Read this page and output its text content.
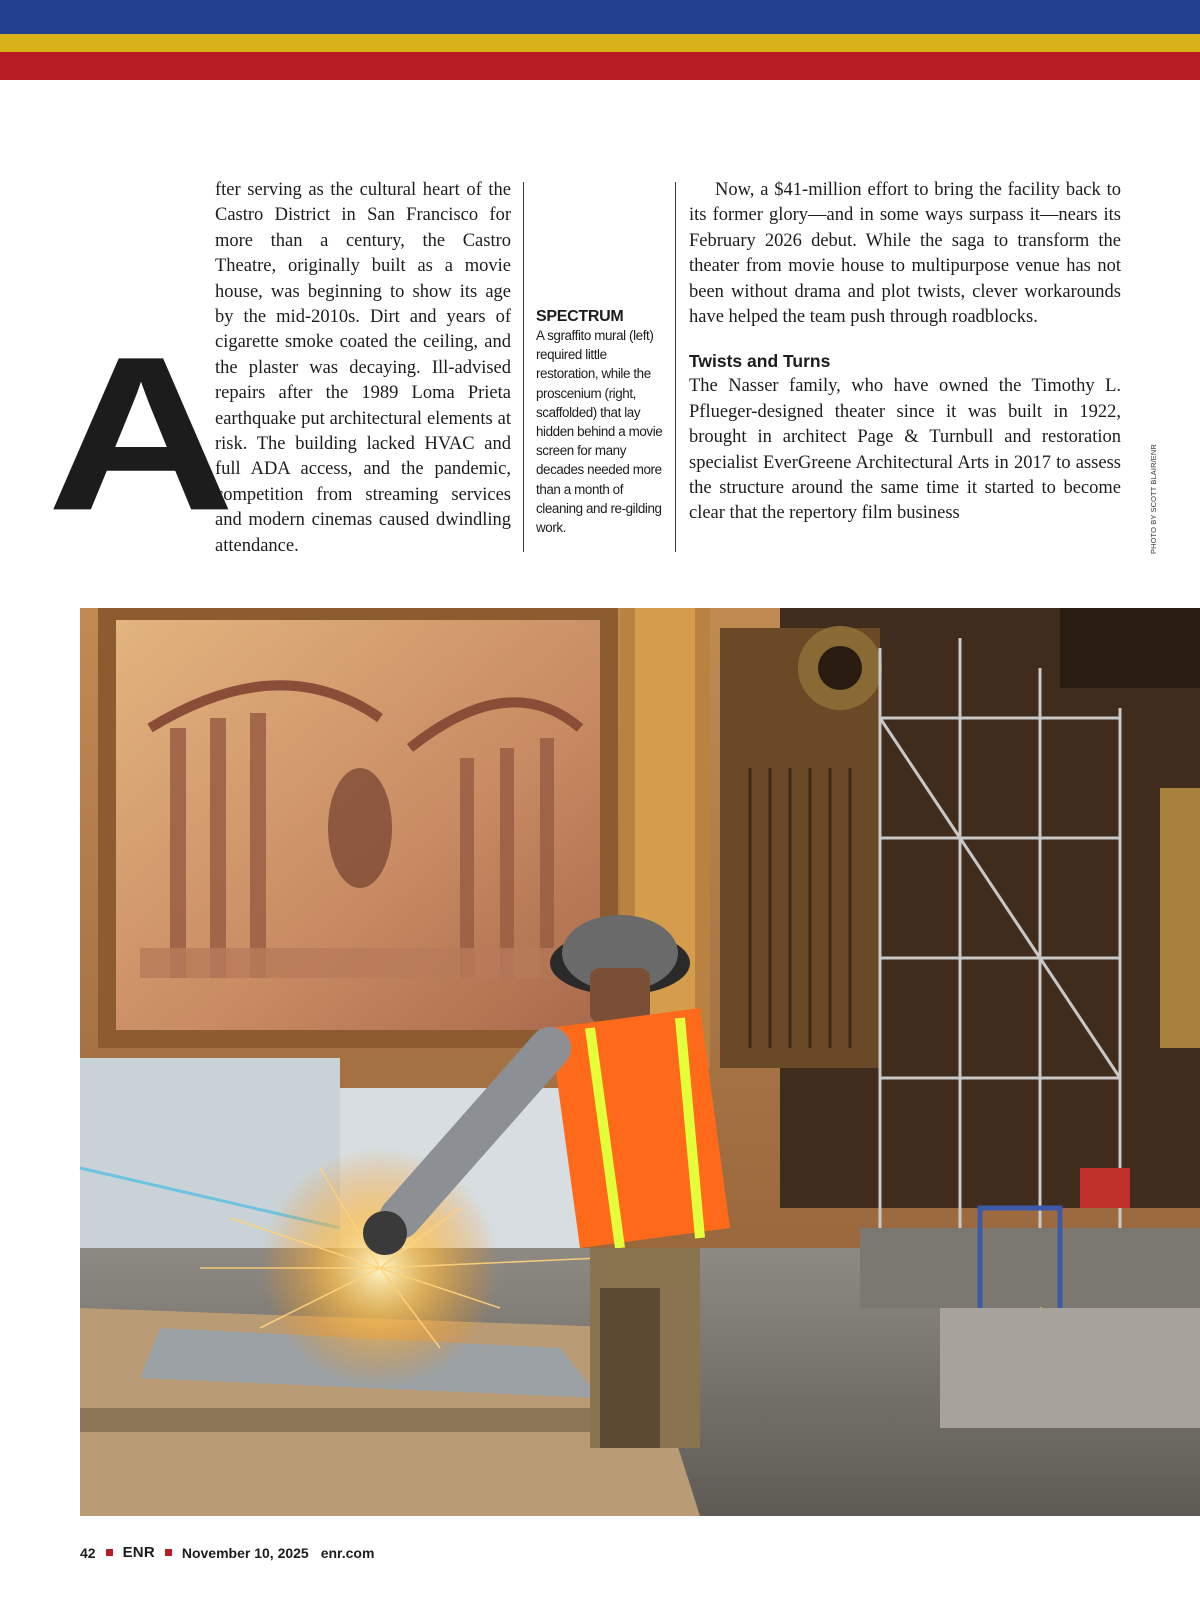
A

fter serving as the cultural heart of the Castro District in San Francisco for more than a century, the Castro Theatre, originally built as a movie house, was beginning to show its age by the mid-2010s. Dirt and years of cigarette smoke coated the ceiling, and the plaster was decaying. Ill-advised repairs after the 1989 Loma Prieta earthquake put architectural elements at risk. The building lacked HVAC and full ADA access, and the pandemic, competition from streaming services and modern cinemas caused dwindling attendance.

SPECTRUM
A sgraffito mural (left) required little restoration, while the proscenium (right, scaffolded) that lay hidden behind a movie screen for many decades needed more than a month of cleaning and re-gilding work.

Now, a $41-million effort to bring the facility back to its former glory—and in some ways surpass it—nears its February 2026 debut. While the saga to transform the theater from movie house to multipurpose venue has not been without drama and plot twists, clever workarounds have helped the team push through roadblocks.

Twists and Turns

The Nasser family, who have owned the Timothy L. Pflueger-designed theater since it was built in 1922, brought in architect Page & Turnbull and restoration specialist EverGreene Architectural Arts in 2017 to assess the structure around the same time it started to become clear that the repertory film business	PHOTO BY SCOTT BLAIR/ENR
42 ENR November 10, 2025 enr.com
